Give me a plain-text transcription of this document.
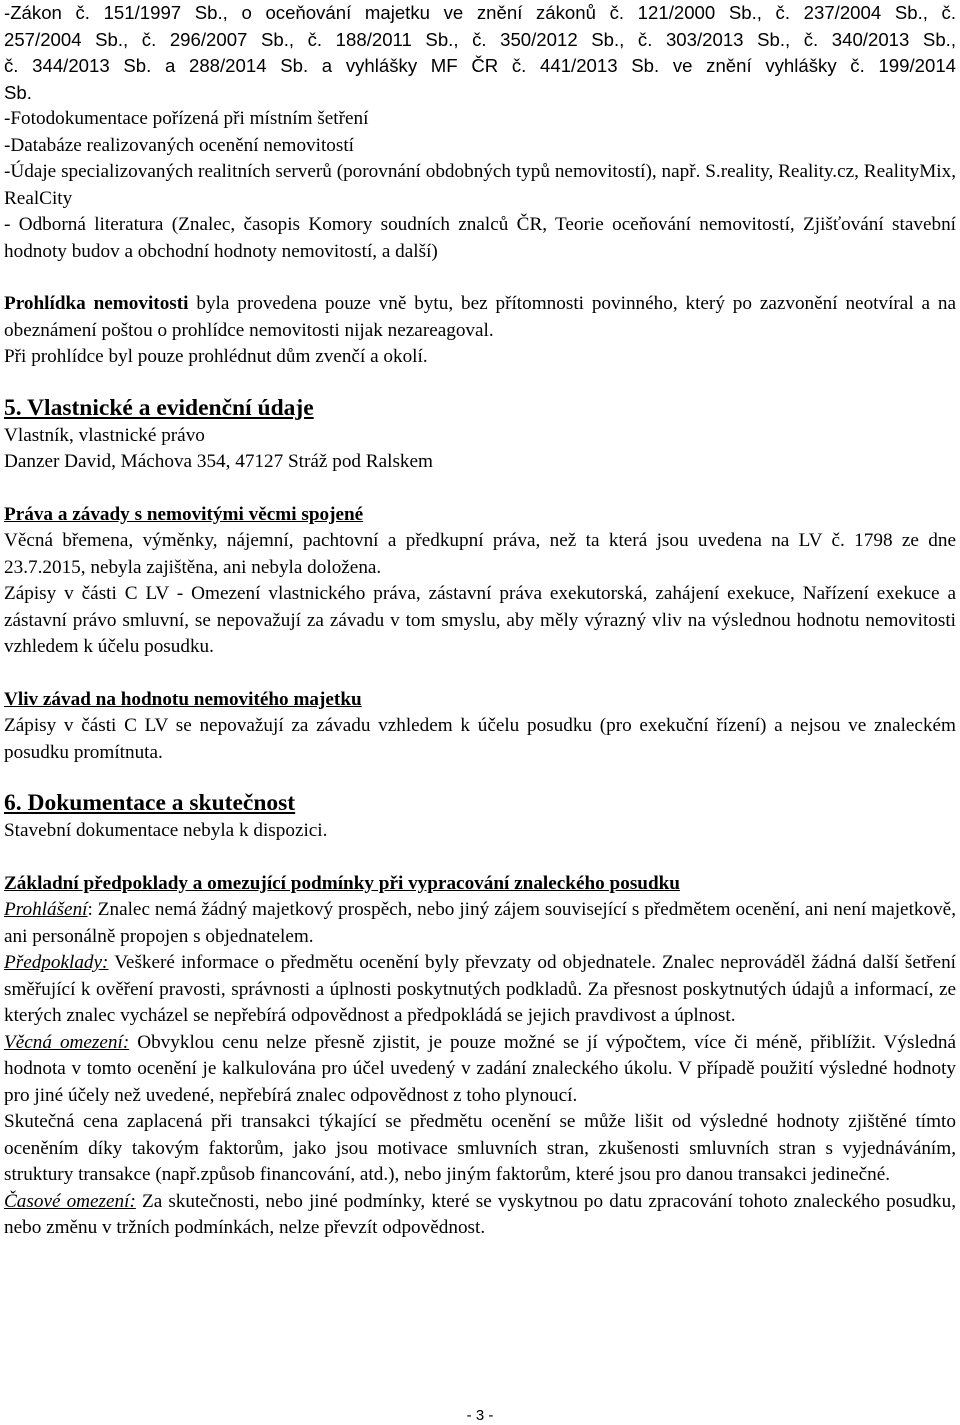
-Zákon č. 151/1997 Sb., o oceňování majetku ve znění zákonů č. 121/2000 Sb., č. 237/2004 Sb., č.

257/2004 Sb., č. 296/2007 Sb., č. 188/2011 Sb., č. 350/2012 Sb., č. 303/2013 Sb., č. 340/2013 Sb.,

č. 344/2013 Sb. a 288/2014 Sb. a vyhlášky MF ČR č. 441/2013 Sb. ve znění vyhlášky č. 199/2014

Sb.

-Fotodokumentace pořízená při místním šetření

-Databáze realizovaných ocenění nemovitostí

-Údaje specializovaných realitních serverů (porovnání obdobných typů nemovitostí), např. S.reality, Reality.cz, RealityMix, RealCity

- Odborná literatura (Znalec, časopis Komory soudních znalců ČR, Teorie oceňování nemovitostí, Zjišťování stavební hodnoty budov a obchodní hodnoty nemovitostí, a další)

Prohlídka nemovitosti byla provedena pouze vně bytu, bez přítomnosti povinného, který po zazvonění neotvíral a na obeznámení poštou o prohlídce nemovitosti nijak nezareagoval.

Při prohlídce byl pouze prohlédnut dům zvenčí a okolí.

5. Vlastnické a evidenční údaje

Vlastník, vlastnické právo

Danzer David, Máchova 354, 47127 Stráž pod Ralskem

Práva a závady s nemovitými věcmi spojené

Věcná břemena, výměnky, nájemní, pachtovní a předkupní práva, než ta která jsou uvedena na LV č. 1798 ze dne 23.7.2015, nebyla zajištěna, ani nebyla doložena.

Zápisy v části C LV - Omezení vlastnického práva, zástavní práva exekutorská, zahájení exekuce, Nařízení exekuce a zástavní právo smluvní, se nepovažují za závadu v tom smyslu, aby měly výrazný vliv na výslednou hodnotu nemovitosti vzhledem k účelu posudku.

Vliv závad na hodnotu nemovitého majetku

Zápisy v části C LV se nepovažují za závadu vzhledem k účelu posudku (pro exekuční řízení) a nejsou ve znaleckém posudku promítnuta.

6. Dokumentace a skutečnost

Stavební dokumentace nebyla k dispozici.

Základní předpoklady a omezující podmínky při vypracování znaleckého posudku

Prohlášení: Znalec nemá žádný majetkový prospěch, nebo jiný zájem související s předmětem ocenění, ani není majetkově, ani personálně propojen s objednatelem.

Předpoklady: Veškeré informace o předmětu ocenění byly převzaty od objednatele. Znalec neprováděl žádná další šetření směřující k ověření pravosti, správnosti a úplnosti poskytnutých podkladů. Za přesnost poskytnutých údajů a informací, ze kterých znalec vycházel se nepřebírá odpovědnost a předpokládá se jejich pravdivost a úplnost.

Věcná omezení: Obvyklou cenu nelze přesně zjistit, je pouze možné se jí výpočtem, více či méně, přiblížit. Výsledná hodnota v tomto ocenění je kalkulována pro účel uvedený v zadání znaleckého úkolu. V případě použití výsledné hodnoty pro jiné účely než uvedené, nepřebírá znalec odpovědnost z toho plynoucí.

Skutečná cena zaplacená při transakci týkající se předmětu ocenění se může lišit od výsledné hodnoty zjištěné tímto oceněním díky takovým faktorům, jako jsou motivace smluvních stran, zkušenosti smluvních stran s vyjednáváním, struktury transakce (např.způsob financování, atd.), nebo jiným faktorům, které jsou pro danou transakci jedinečné.

Časové omezení: Za skutečnosti, nebo jiné podmínky, které se vyskytnou po datu zpracování tohoto znaleckého posudku, nebo změnu v tržních podmínkách, nelze převzít odpovědnost.

- 3 -
